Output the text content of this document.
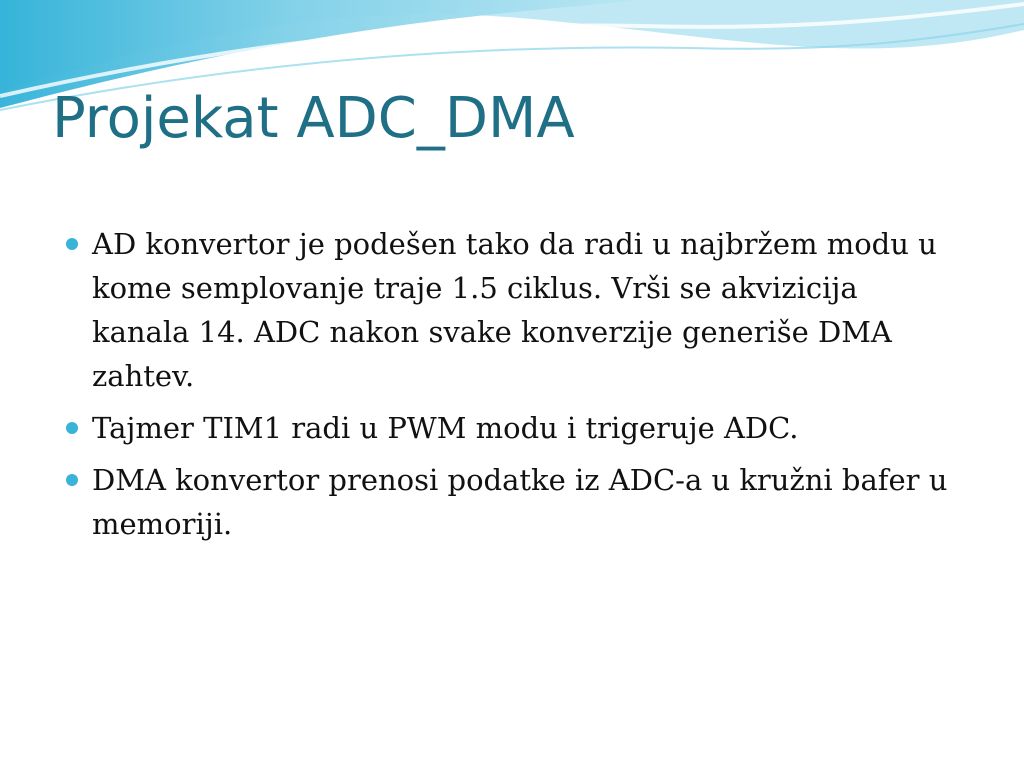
Projekat ADC_DMA
AD konvertor je podešen tako da radi u najbržem modu u kome semplovanje traje 1.5 ciklus. Vrši se akvizicija kanala 14. ADC nakon svake konverzije generiše DMA zahtev.
Tajmer TIM1 radi u PWM modu i trigeruje ADC.
DMA konvertor prenosi podatke iz ADC-a u kružni bafer u memoriji.
